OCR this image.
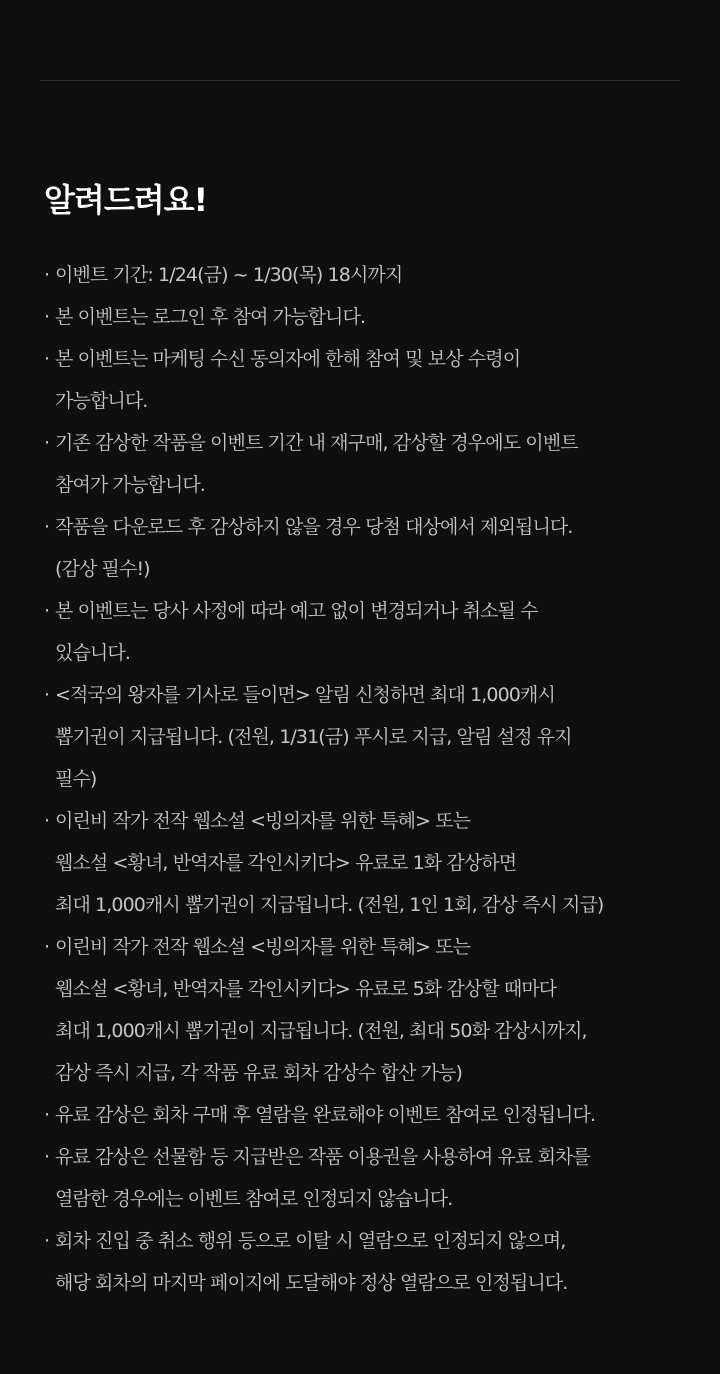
알려드려요!
· 이벤트 기간: 1/24(금) ~ 1/30(목) 18시까지
· 본 이벤트는 로그인 후 참여 가능합니다.
· 본 이벤트는 마케팅 수신 동의자에 한해 참여 및 보상 수령이
가능합니다.
· 기존 감상한 작품을 이벤트 기간 내 재구매, 감상할 경우에도 이벤트
참여가 가능합니다.
· 작품을 다운로드 후 감상하지 않을 경우 당첨 대상에서 제외됩니다.
(감상 필수!)
· 본 이벤트는 당사 사정에 따라 예고 없이 변경되거나 취소될 수
있습니다.
· <적국의 왕자를 기사로 들이면> 알림 신청하면 최대 1,000캐시
뽑기권이 지급됩니다. (전원, 1/31(금) 푸시로 지급, 알림 설정 유지
필수)
· 이린비 작가 전작 웹소설 <빙의자를 위한 특혜> 또는
웹소설 <황녀, 반역자를 각인시키다> 유료로 1화 감상하면
최대 1,000캐시 뽑기권이 지급됩니다. (전원, 1인 1회, 감상 즉시 지급)
· 이린비 작가 전작 웹소설 <빙의자를 위한 특혜> 또는
웹소설 <황녀, 반역자를 각인시키다> 유료로 5화 감상할 때마다
최대 1,000캐시 뽑기권이 지급됩니다. (전원, 최대 50화 감상시까지,
감상 즉시 지급, 각 작품 유료 회차 감상수 합산 가능)
· 유료 감상은 회차 구매 후 열람을 완료해야 이벤트 참여로 인정됩니다.
· 유료 감상은 선물함 등 지급받은 작품 이용권을 사용하여 유료 회차를
열람한 경우에는 이벤트 참여로 인정되지 않습니다.
· 회차 진입 중 취소 행위 등으로 이탈 시 열람으로 인정되지 않으며,
해당 회차의 마지막 페이지에 도달해야 정상 열람으로 인정됩니다.
